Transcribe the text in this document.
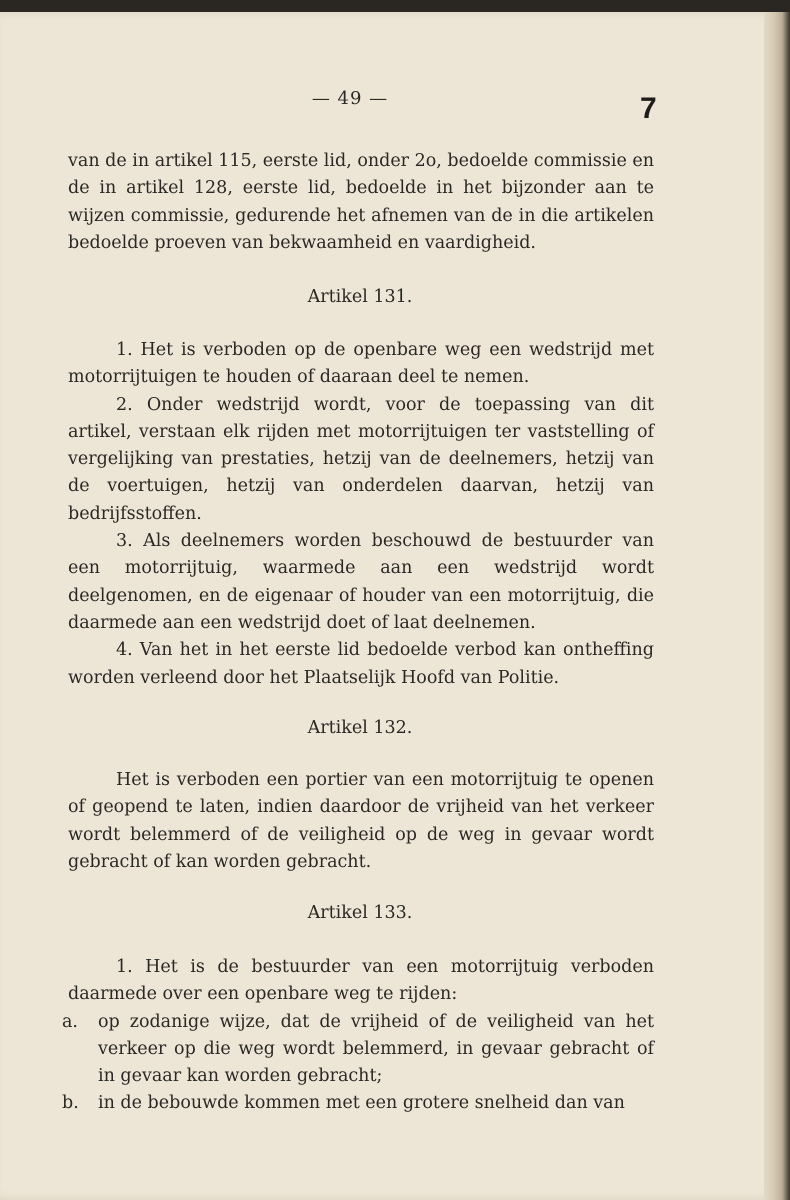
— 49 —	7

van de in artikel 115, eerste lid, onder 2o, bedoelde commissie en de in artikel 128, eerste lid, bedoelde in het bijzonder aan te wijzen commissie, gedurende het afnemen van de in die artikelen bedoelde proeven van bekwaamheid en vaardigheid.

Artikel 131.

1. Het is verboden op de openbare weg een wedstrijd met motorrijtuigen te houden of daaraan deel te nemen.

2. Onder wedstrijd wordt, voor de toepassing van dit artikel, verstaan elk rijden met motorrijtuigen ter vaststelling of vergelijking van prestaties, hetzij van de deelnemers, hetzij van de voertuigen, hetzij van onderdelen daarvan, hetzij van bedrijfsstoffen.

3. Als deelnemers worden beschouwd de bestuurder van een motorrijtuig, waarmede aan een wedstrijd wordt deelgenomen, en de eigenaar of houder van een motorrijtuig, die daarmede aan een wedstrijd doet of laat deelnemen.

4. Van het in het eerste lid bedoelde verbod kan ontheffing worden verleend door het Plaatselijk Hoofd van Politie.

Artikel 132.

Het is verboden een portier van een motorrijtuig te openen of geopend te laten, indien daardoor de vrijheid van het verkeer wordt belemmerd of de veiligheid op de weg in gevaar wordt gebracht of kan worden gebracht.

Artikel 133.

1. Het is de bestuurder van een motorrijtuig verboden daarmede over een openbare weg te rijden:

a. op zodanige wijze, dat de vrijheid of de veiligheid van het verkeer op die weg wordt belemmerd, in gevaar gebracht of in gevaar kan worden gebracht;
b. in de bebouwde kommen met een grotere snelheid dan van
